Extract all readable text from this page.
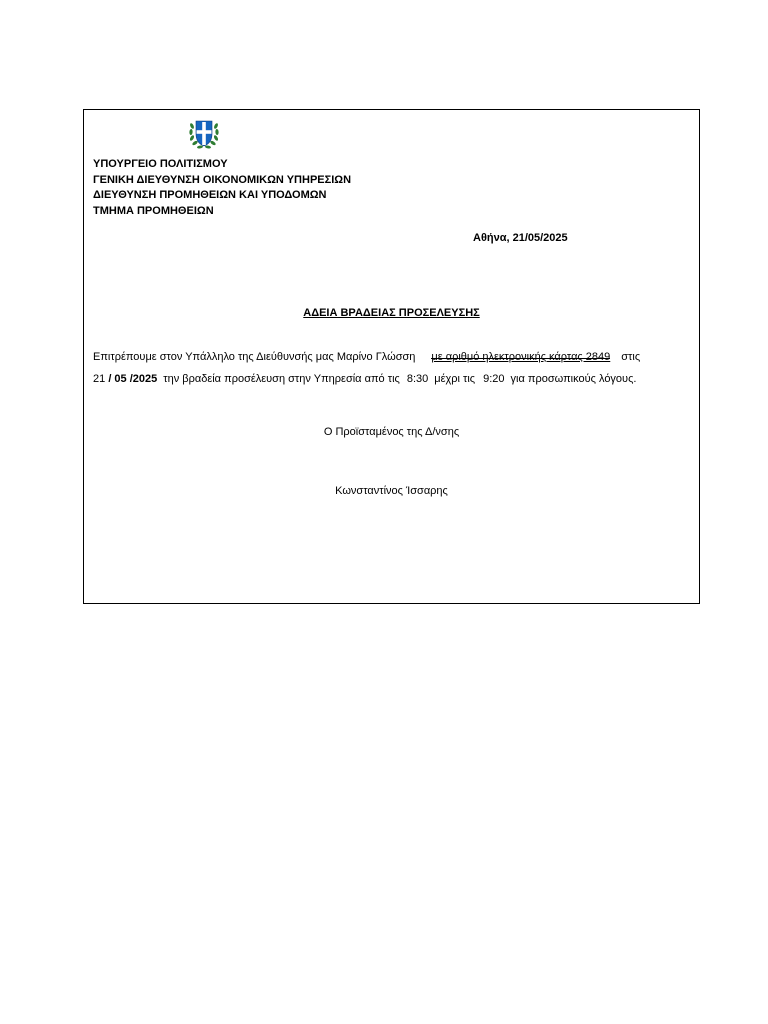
ΥΠΟΥΡΓΕΙΟ ΠΟΛΙΤΙΣΜΟΥ
ΓΕΝΙΚΗ ΔΙΕΥΘΥΝΣΗ ΟΙΚΟΝΟΜΙΚΩΝ ΥΠΗΡΕΣΙΩΝ
ΔΙΕΥΘΥΝΣΗ ΠΡΟΜΗΘΕΙΩΝ ΚΑΙ ΥΠΟΔΟΜΩΝ
ΤΜΗΜΑ ΠΡΟΜΗΘΕΙΩΝ
Αθήνα, 21/05/2025
ΑΔΕΙΑ ΒΡΑΔΕΙΑΣ ΠΡΟΣΕΛΕΥΣΗΣ
Επιτρέπουμε στον Υπάλληλο της Διεύθυνσής μας Μαρίνο Γλώσση με αριθμό ηλεκτρονικής κάρτας 2849 στις
21 / 05 /2025 την βραδεία προσέλευση στην Υπηρεσία από τις 8:30 μέχρι τις 9:20 για προσωπικούς λόγους.
Ο Προϊσταμένος της Δ/νσης
Κωνσταντίνος Ίσσαρης
